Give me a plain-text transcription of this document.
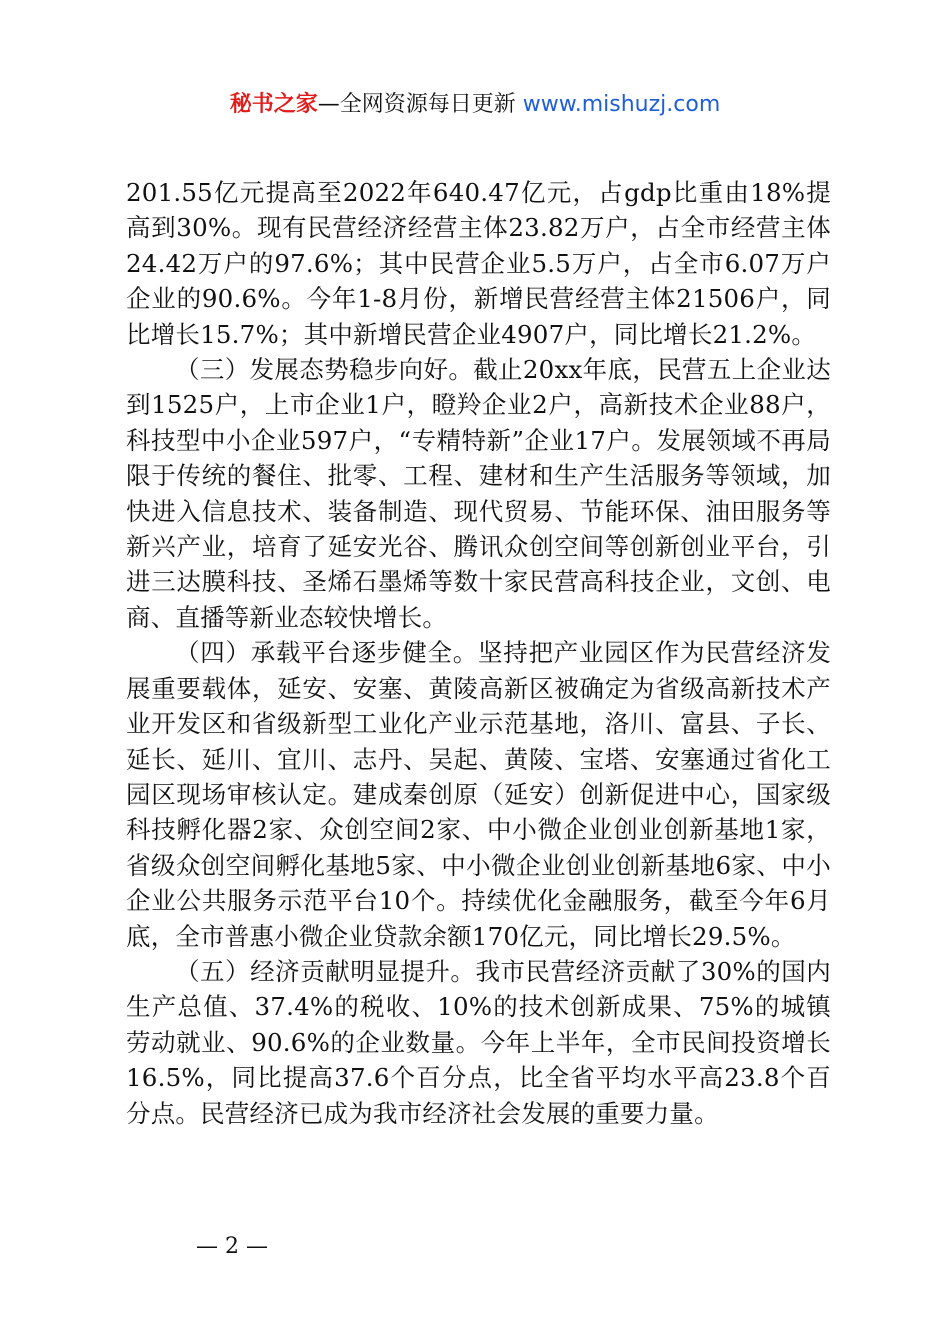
秘书之家—全网资源每日更新 www.mishuzj.com

201.55亿元提高至2022年640.47亿元，占gdp比重由18%提高到30%。现有民营经济经营主体23.82万户，占全市经营主体24.42万户的97.6%；其中民营企业5.5万户，占全市6.07万户企业的90.6%。今年1-8月份，新增民营经营主体21506户，同比增长15.7%；其中新增民营企业4907户，同比增长21.2%。

（三）发展态势稳步向好。截止20xx年底，民营五上企业达到1525户，上市企业1户，瞪羚企业2户，高新技术企业88户，科技型中小企业597户，“专精特新”企业17户。发展领域不再局限于传统的餐住、批零、工程、建材和生产生活服务等领域，加快进入信息技术、装备制造、现代贸易、节能环保、油田服务等新兴产业，培育了延安光谷、腾讯众创空间等创新创业平台，引进三达膜科技、圣烯石墨烯等数十家民营高科技企业，文创、电商、直播等新业态较快增长。

（四）承载平台逐步健全。坚持把产业园区作为民营经济发展重要载体，延安、安塞、黄陵高新区被确定为省级高新技术产业开发区和省级新型工业化产业示范基地，洛川、富县、子长、延长、延川、宜川、志丹、吴起、黄陵、宝塔、安塞通过省化工园区现场审核认定。建成秦创原（延安）创新促进中心，国家级科技孵化器2家、众创空间2家、中小微企业创业创新基地1家，省级众创空间孵化基地5家、中小微企业创业创新基地6家、中小企业公共服务示范平台10个。持续优化金融服务，截至今年6月底，全市普惠小微企业贷款余额170亿元，同比增长29.5%。

（五）经济贡献明显提升。我市民营经济贡献了30%的国内生产总值、37.4%的税收、10%的技术创新成果、75%的城镇劳动就业、90.6%的企业数量。今年上半年，全市民间投资增长16.5%，同比提高37.6个百分点，比全省平均水平高23.8个百分点。民营经济已成为我市经济社会发展的重要力量。

— 2 —
